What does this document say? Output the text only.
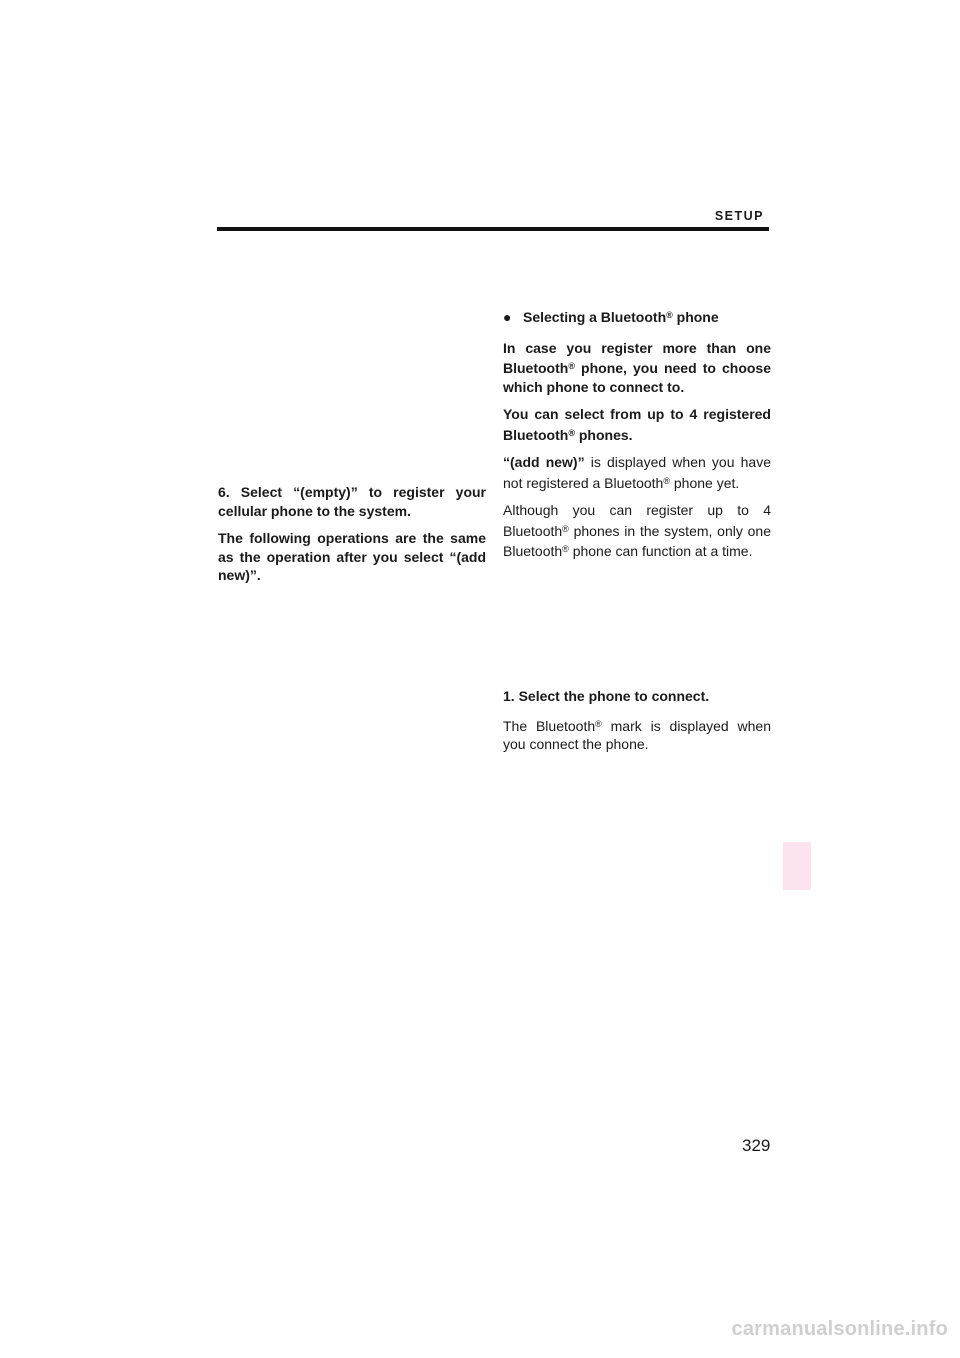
SETUP

6. Select “(empty)” to register your cellular phone to the system.

The following operations are the same as the operation after you select “(add new)”.

● Selecting a Bluetooth® phone

In case you register more than one Bluetooth® phone, you need to choose which phone to connect to.

You can select from up to 4 registered Bluetooth® phones.

“(add new)” is displayed when you have not registered a Bluetooth® phone yet.

Although you can register up to 4 Bluetooth® phones in the system, only one Bluetooth® phone can function at a time.

1. Select the phone to connect.

The Bluetooth® mark is displayed when you connect the phone.

329
carmanualsonline.info
